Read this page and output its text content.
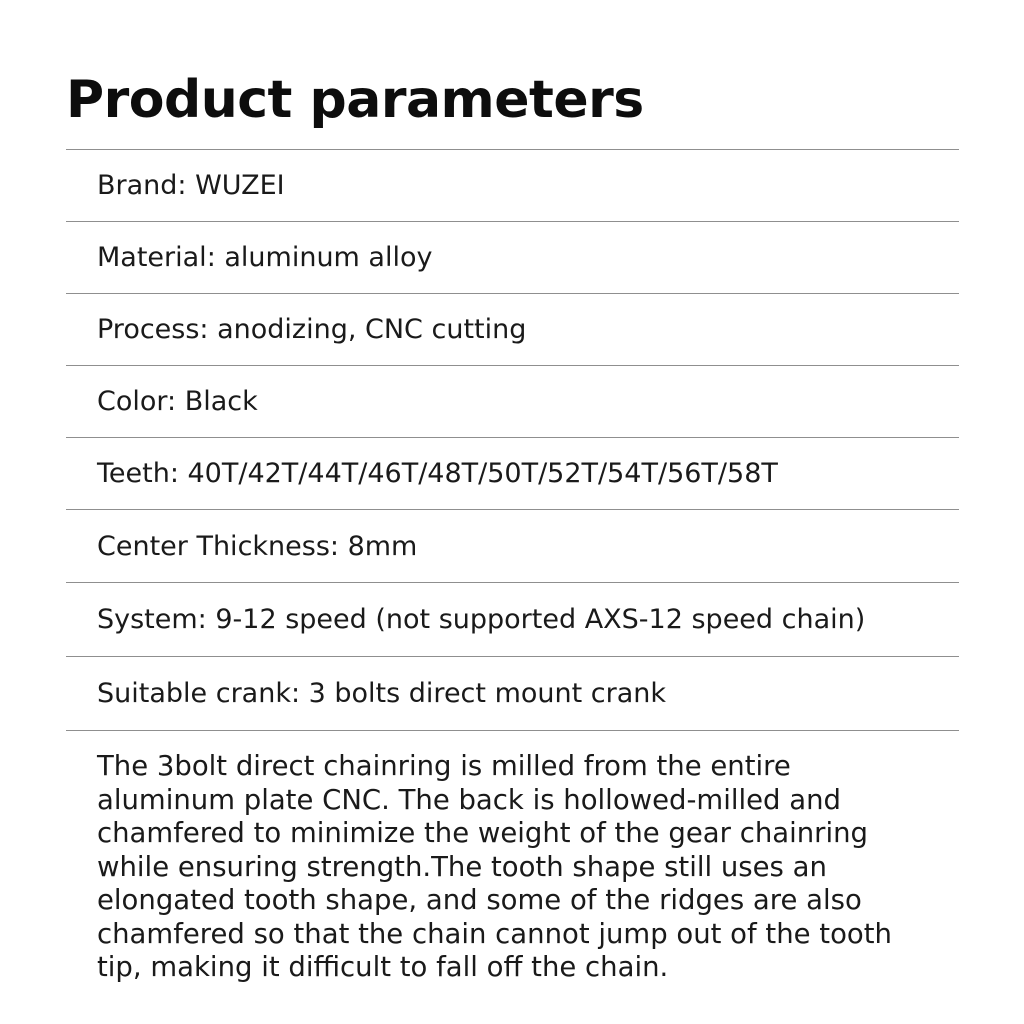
Product parameters
Brand: WUZEI
Material: aluminum alloy
Process: anodizing, CNC cutting
Color: Black
Teeth: 40T/42T/44T/46T/48T/50T/52T/54T/56T/58T
Center Thickness: 8mm
System: 9-12 speed (not supported AXS-12 speed chain)
Suitable crank: 3 bolts direct mount crank

The 3bolt direct chainring is milled from the entire
aluminum plate CNC. The back is hollowed-milled and
chamfered to minimize the weight of the gear chainring
while ensuring strength.The tooth shape still uses an
elongated tooth shape, and some of the ridges are also
chamfered so that the chain cannot jump out of the tooth
tip, making it difficult to fall off the chain.
